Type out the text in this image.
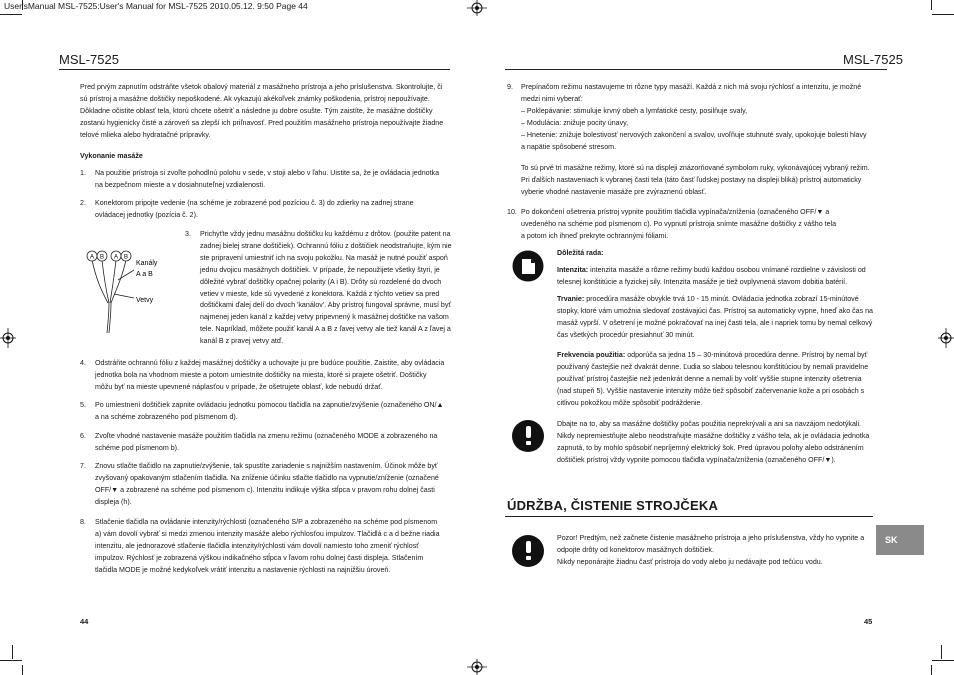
User'sManual MSL-7525:User's Manual for MSL-7525 2010.05.12. 9:50 Page 44
MSL-7525

Pred prvým zapnutím odstráňte všetok obalový materiál z masážneho prístroja a jeho príslušenstva. Skontrolujte, či sú prístroj a masážne doštičky nepoškodené. Ak vykazujú akékoľvek známky poškodenia, prístroj nepoužívajte. Dôkladne očistite oblasť tela, ktorú chcete ošetriť a následne ju dobre osušte. Tým zaistíte, že masážne doštičky zostanú hygienicky čisté a zároveň sa zlepší ich priľnavosť. Pred použitím masážneho prístroja nepoužívajte žiadne telové mlieka alebo hydratačné prípravky.

Vykonanie masáže

1. Na použitie prístroja si zvoľte pohodlnú polohu v sede, v stoji alebo v ľahu. Uistite sa, že je ovládacia jednotka na bezpečnom mieste a v dosiahnuteľnej vzdialenosti.
2. Konektorom pripojte vedenie (na schéme je zobrazené pod pozíciou č. 3) do zdierky na zadnej strane ovládacej jednotky (pozícia č. 2).
3. Prichyťte vždy jednu masážnu doštičku ku každému z drôtov. (použite patent na zadnej bielej strane doštičiek). Ochrannú fóliu z doštičiek neodstraňujte, kým nie ste pripravení umiestniť ich na svoju pokožku. Na masáž je nutné použiť aspoň jednu dvojicu masážnych doštičiek. V prípade, že nepoužijete všetky štyri, je dôležité vybrať doštičky opačnej polarity (A i B). Drôty sú rozdelené do dvoch vetiev v mieste, kde sú vyvedené z konektora. Každá z týchto vetiev sa pred doštičkami ďalej delí do dvoch 'kanálov'. Aby prístroj fungoval správne, musí byť najmenej jeden kanál z každej vetvy pripevnený k masážnej doštičke na vašom tele. Napríklad, môžete použiť kanál A a B z ľavej vetvy ale tiež kanál A z ľavej a kanál B z pravej vetvy atď.
A B A B
Kanály
A a B
Vetvy
4. Odstráňte ochrannú fóliu z každej masážnej doštičky a uchovajte ju pre budúce použitie. Zaistite, aby ovládacia jednotka bola na vhodnom mieste a potom umiestnite doštičky na miesta, ktoré si prajete ošetriť. Doštičky môžu byť na mieste upevnené náplasťou v prípade, že ošetrujete oblasť, kde nebudú držať.
5. Po umiestnení doštičiek zapnite ovládaciu jednotku pomocou tlačidla na zapnutie/zvýšenie (označeného ON/▲ a na schéme zobrazeného pod písmenom d).
6. Zvoľte vhodné nastavenie masáže použitím tlačidla na zmenu režimu (označeného MODE a zobrazeného na schéme pod písmenom b).
7. Znovu stlačte tlačidlo na zapnutie/zvýšenie, tak spustíte zariadenie s najnižším nastavením. Účinok môže byť zvyšovaný opakovaným stlačením tlačidla. Na zníženie účinku stlačte tlačidlo na vypnutie/zníženie (označené OFF/▼ a zobrazené na schéme pod písmenom c). Intenzitu indikuje výška stĺpca v pravom rohu dolnej časti displeja (h).
8. Stlačenie tlačidla na ovládanie intenzity/rýchlosti (označeného S/P a zobrazeného na schéme pod písmenom a) vám dovolí vybrať si medzi zmenou intenzity masáže alebo rýchlosťou impulzov. Tlačidlá c a d bežne riadia intenzitu, ale jednorazové stlačenie tlačidla intenzity/rýchlosti vám dovolí namiesto toho zmeniť rýchlosť impulzov. Rýchlosť je zobrazená výškou indikačného stĺpca v ľavom rohu dolnej časti displeja. Stlačením tlačidla MODE je možné kedykoľvek vrátiť intenzitu a nastavenie rýchlosti na najnižšiu úroveň.
44
MSL-7525
9. Prepínačom režimu nastavujeme tri rôzne typy masáží. Každá z nich má svoju rýchlosť a intenzitu, je možné medzi nimi vyberať:

– Poklepávanie: stimuluje krvný obeh a lymfatické cesty, posilňuje svaly,

– Modulácia: znižuje pocity únavy,

– Hnetenie: znižuje bolestivosť nervových zakončení a svalov, uvoľňuje stuhnuté svaly, upokojuje bolesti hlavy a napätie spôsobené stresom.

To sú prvé tri masážne režimy, ktoré sú na displeji znázorňované symbolom ruky, vykonávajúcej vybraný režim. Pri ďalších nastaveniach k vybranej časti tela (táto časť ľudskej postavy na displeji bliká) prístroj automaticky vyberie vhodné nastavenie masáže pre zvýraznenú oblasť.

10. Po dokončení ošetrenia prístroj vypnite použitím tlačidla vypínača/zníženia (označeného OFF/▼ a uvedeného na schéme pod písmenom c). Po vypnutí prístroja snímte masážne doštičky z vášho tela a potom ich ihneď prekryte ochrannými fóliami.

Dôležitá rada:

Intenzita: intenzita masáže a rôzne režimy budú každou osobou vnímané rozdielne v závislosti od telesnej konštitúcie a fyzickej sily. Intenzita masáže je tiež ovplyvnená stavom dobitia batérií.

Trvanie: procedúra masáže obvykle trvá 10 - 15 minút. Ovládacia jednotka zobrazí 15-minútové stopky, ktoré vám umožnia sledovať zostávajúci čas. Prístroj sa automaticky vypne, hneď ako čas na masáž vyprší. V ošetrení je možné pokračovať na inej časti tela, ale i napriek tomu by nemal celkový čas všetkých procedúr presiahnuť 30 minút.

Frekvencia použitia: odporúča sa jedna 15 – 30-minútová procedúra denne. Prístroj by nemal byť používaný častejšie než dvakrát denne. Ľudia so slabou telesnou konštitúciou by nemali pravidelne používať prístroj častejšie než jedenkrát denne a nemali by voliť vyššie stupne intenzity ošetrenia (nad stupeň 5). Vyššie nastavenie intenzity môže tiež spôsobiť začervenanie kože a pri osobách s citlivou pokožkou môže spôsobiť podráždenie.

Dbajte na to, aby sa masážne doštičky počas použitia neprekrývali a ani sa navzájom nedotýkali. Nikdy nepremiestňujte alebo neodstraňujte masážne doštičky z vášho tela, ak je ovládacia jednotka zapnutá, to by mohlo spôsobiť nepríjemný elektrický šok. Pred úpravou polohy alebo odstránením doštičiek prístroj vždy vypnite pomocou tlačidla vypínača/zníženia (označeného OFF/▼).

ÚDRŽBA, ČISTENIE STROJČEKA

Pozor! Predtým, než začnete čistenie masážneho prístroja a jeho príslušenstva, vždy ho vypnite a odpojte drôty od konektorov masážnych doštičiek.

Nikdy neponárajte žiadnu časť prístroja do vody alebo ju nedávajte pod tečúcu vodu.

SK
45
